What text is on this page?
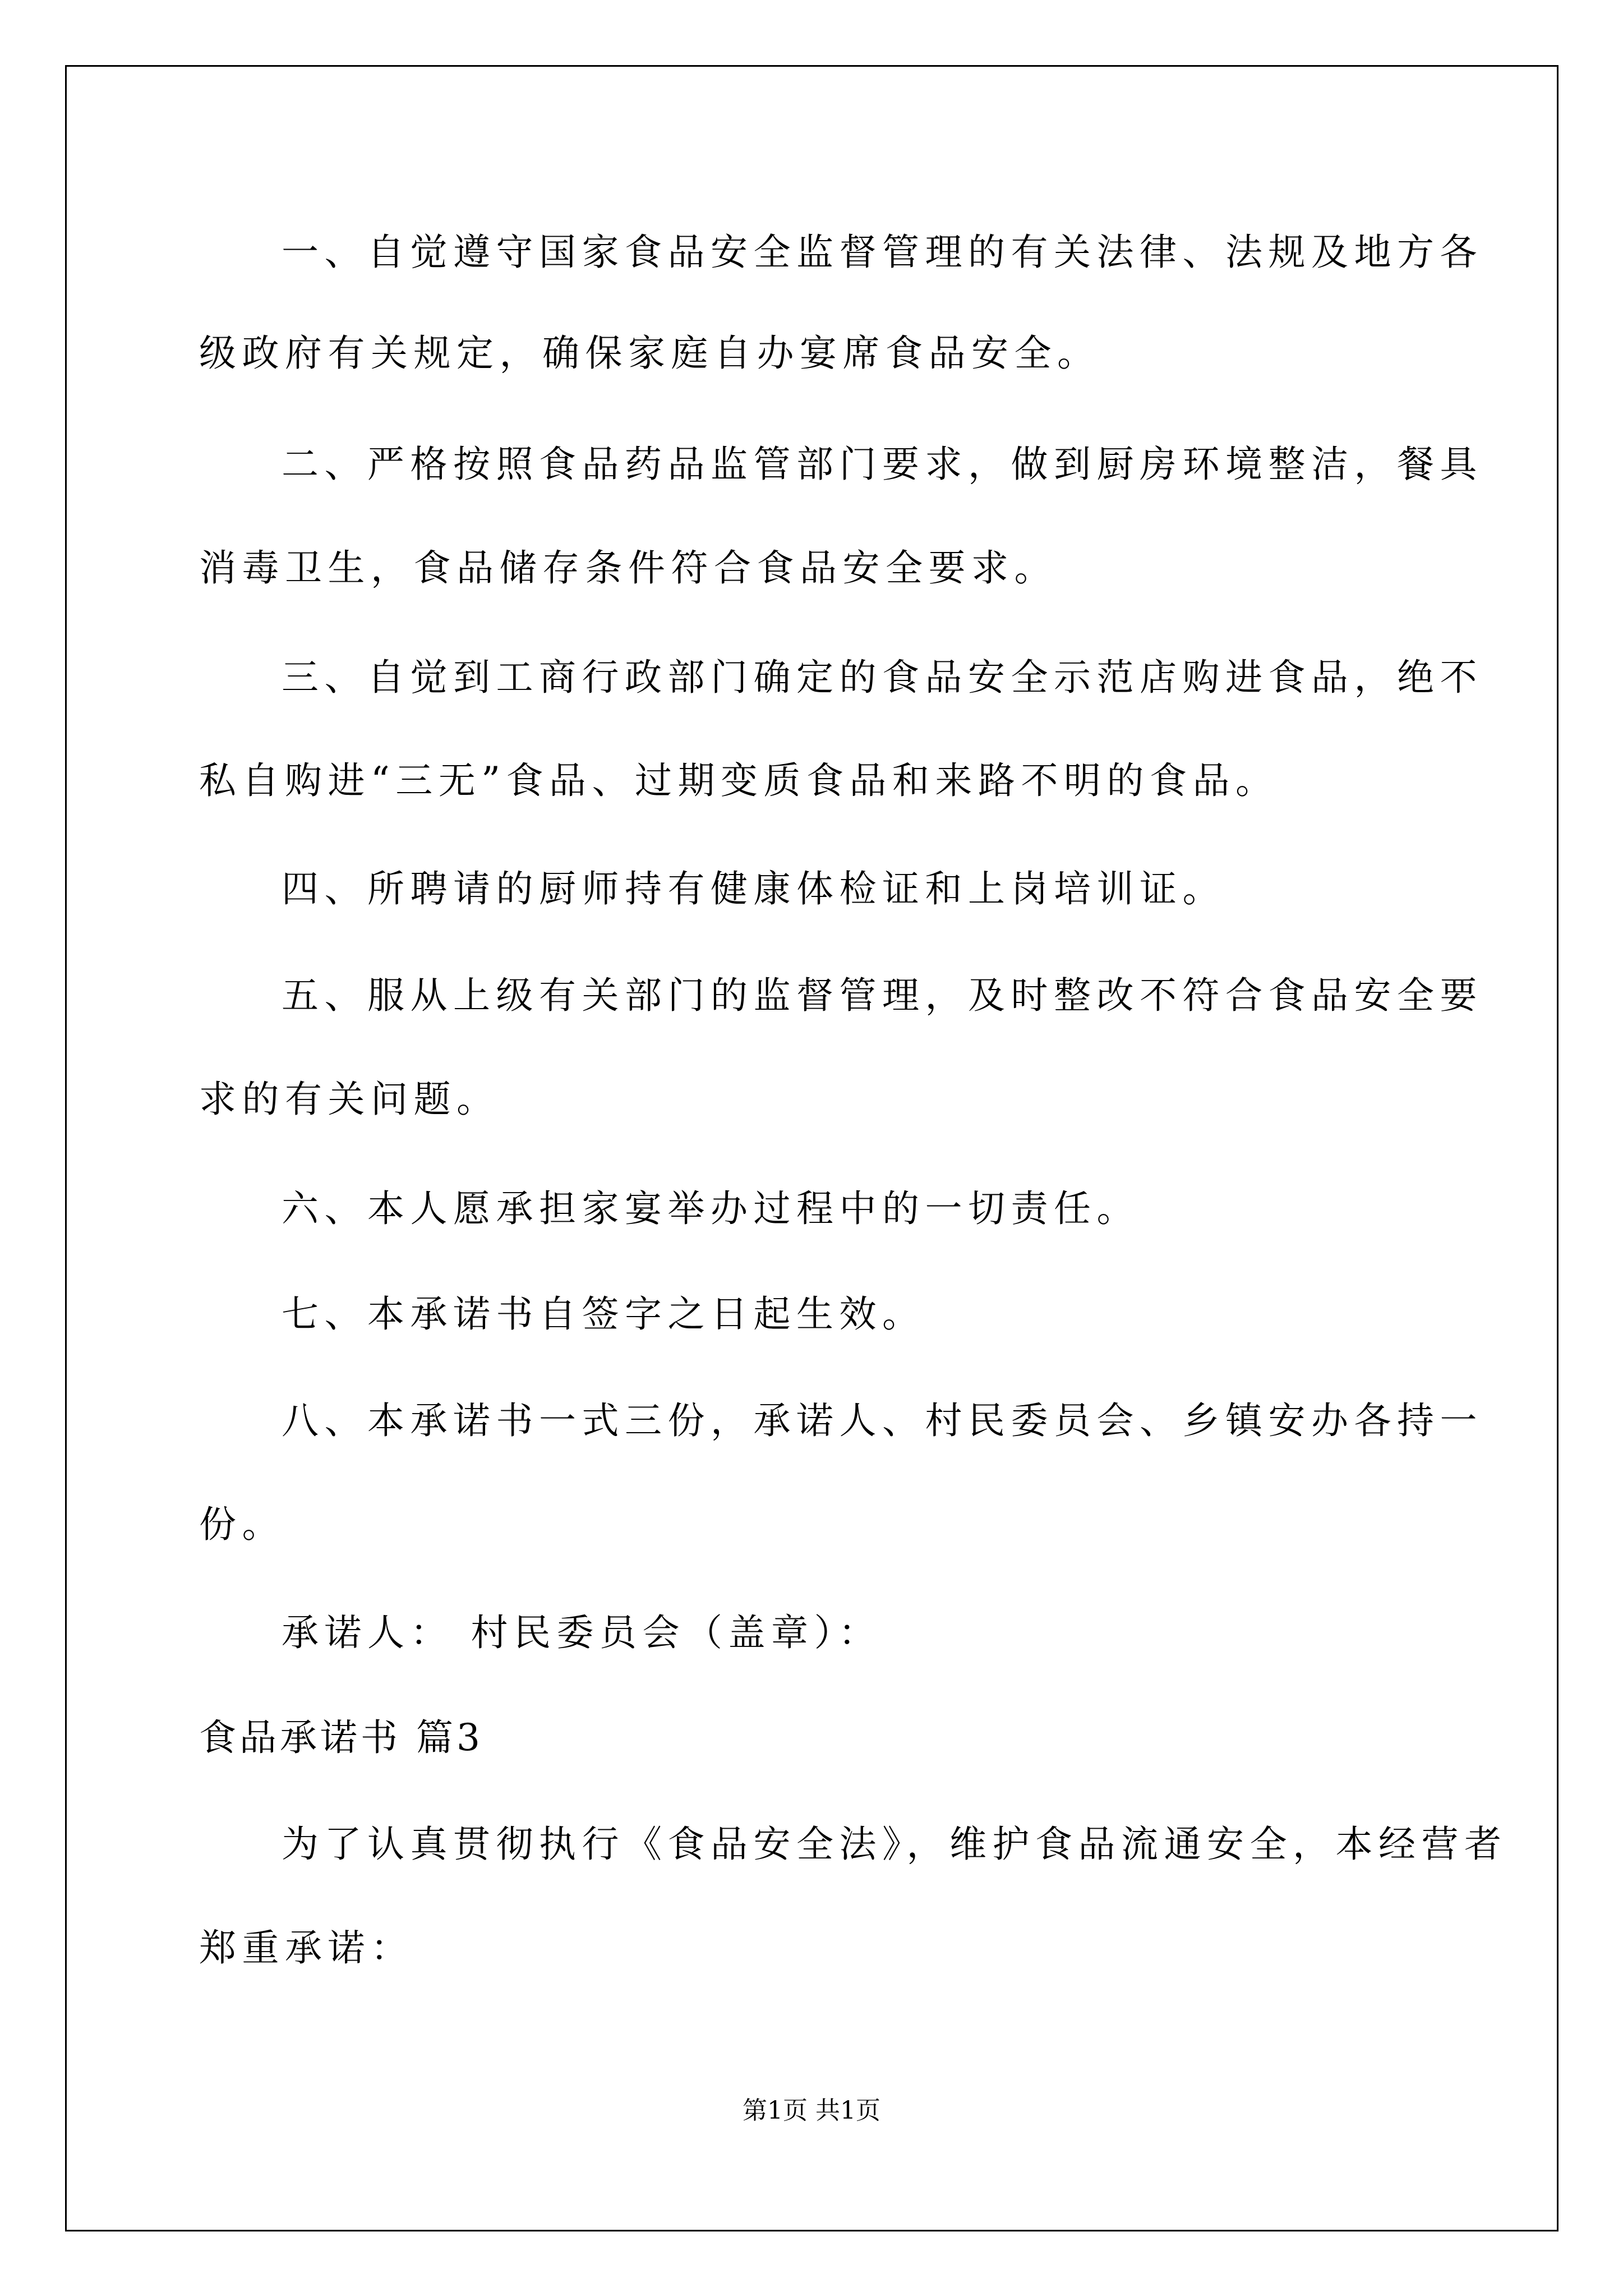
一、自觉遵守国家食品安全监督管理的有关法律、法规及地方各
级政府有关规定，确保家庭自办宴席食品安全。
二、严格按照食品药品监管部门要求，做到厨房环境整洁，餐具
消毒卫生，食品储存条件符合食品安全要求。
三、自觉到工商行政部门确定的食品安全示范店购进食品，绝不
私自购进“三无”食品、过期变质食品和来路不明的食品。
四、所聘请的厨师持有健康体检证和上岗培训证。
五、服从上级有关部门的监督管理，及时整改不符合食品安全要
求的有关问题。
六、本人愿承担家宴举办过程中的一切责任。
七、本承诺书自签字之日起生效。
八、本承诺书一式三份，承诺人、村民委员会、乡镇安办各持一
份。
承诺人： 村民委员会（盖章）：
食品承诺书 篇3
为了认真贯彻执行《食品安全法》，维护食品流通安全，本经营者
郑重承诺：
第1页 共1页
